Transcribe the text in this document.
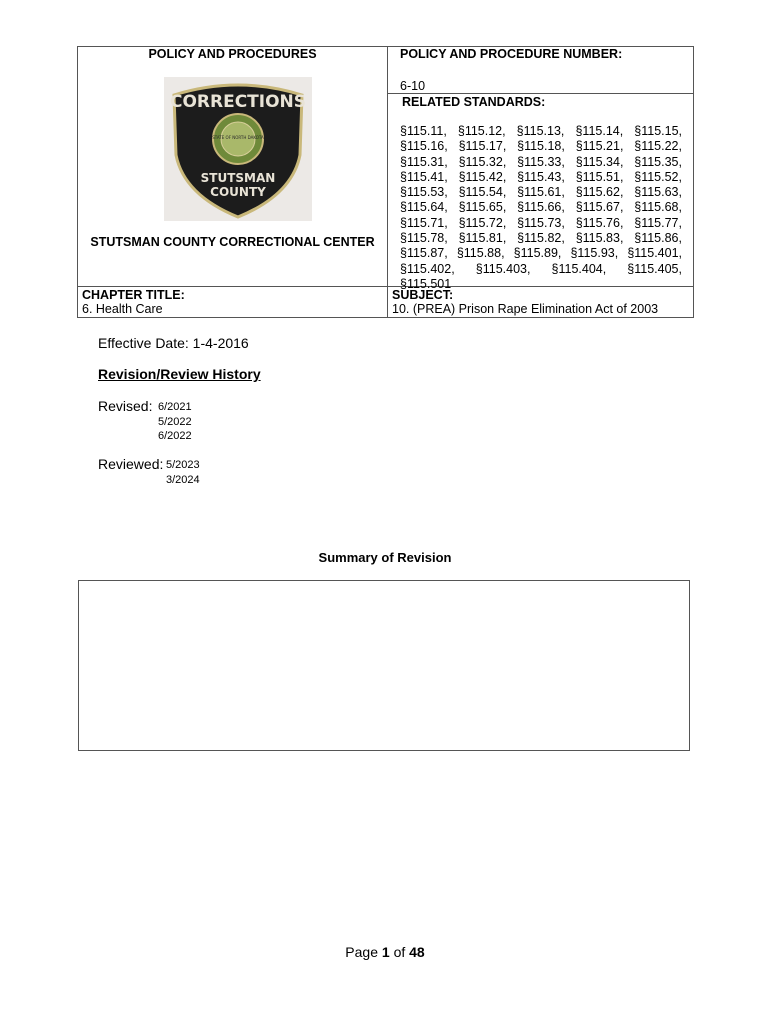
POLICY AND PROCEDURES
CORRECTIONS
STATE OF NORTH DAKOTA
STUTSMAN
COUNTY
STUTSMAN COUNTY CORRECTIONAL CENTER
POLICY AND PROCEDURE NUMBER:
6-10
RELATED STANDARDS:
§115.11, §115.12, §115.13, §115.14, §115.15,
§115.16, §115.17, §115.18, §115.21, §115.22,
§115.31, §115.32, §115.33, §115.34, §115.35,
§115.41, §115.42, §115.43, §115.51, §115.52,
§115.53, §115.54, §115.61, §115.62, §115.63,
§115.64, §115.65, §115.66, §115.67, §115.68,
§115.71, §115.72, §115.73, §115.76, §115.77,
§115.78, §115.81, §115.82, §115.83, §115.86,
§115.87, §115.88, §115.89, §115.93, §115.401,
§115.402, §115.403, §115.404, §115.405,
§115.501
CHAPTER TITLE:
6. Health Care
SUBJECT:
10. (PREA) Prison Rape Elimination Act of 2003
Effective Date: 1-4-2016
Revision/Review History
Revised: 6/2021
5/2022
6/2022
Reviewed: 5/2023
3/2024
Summary of Revision
Page 1 of 48
